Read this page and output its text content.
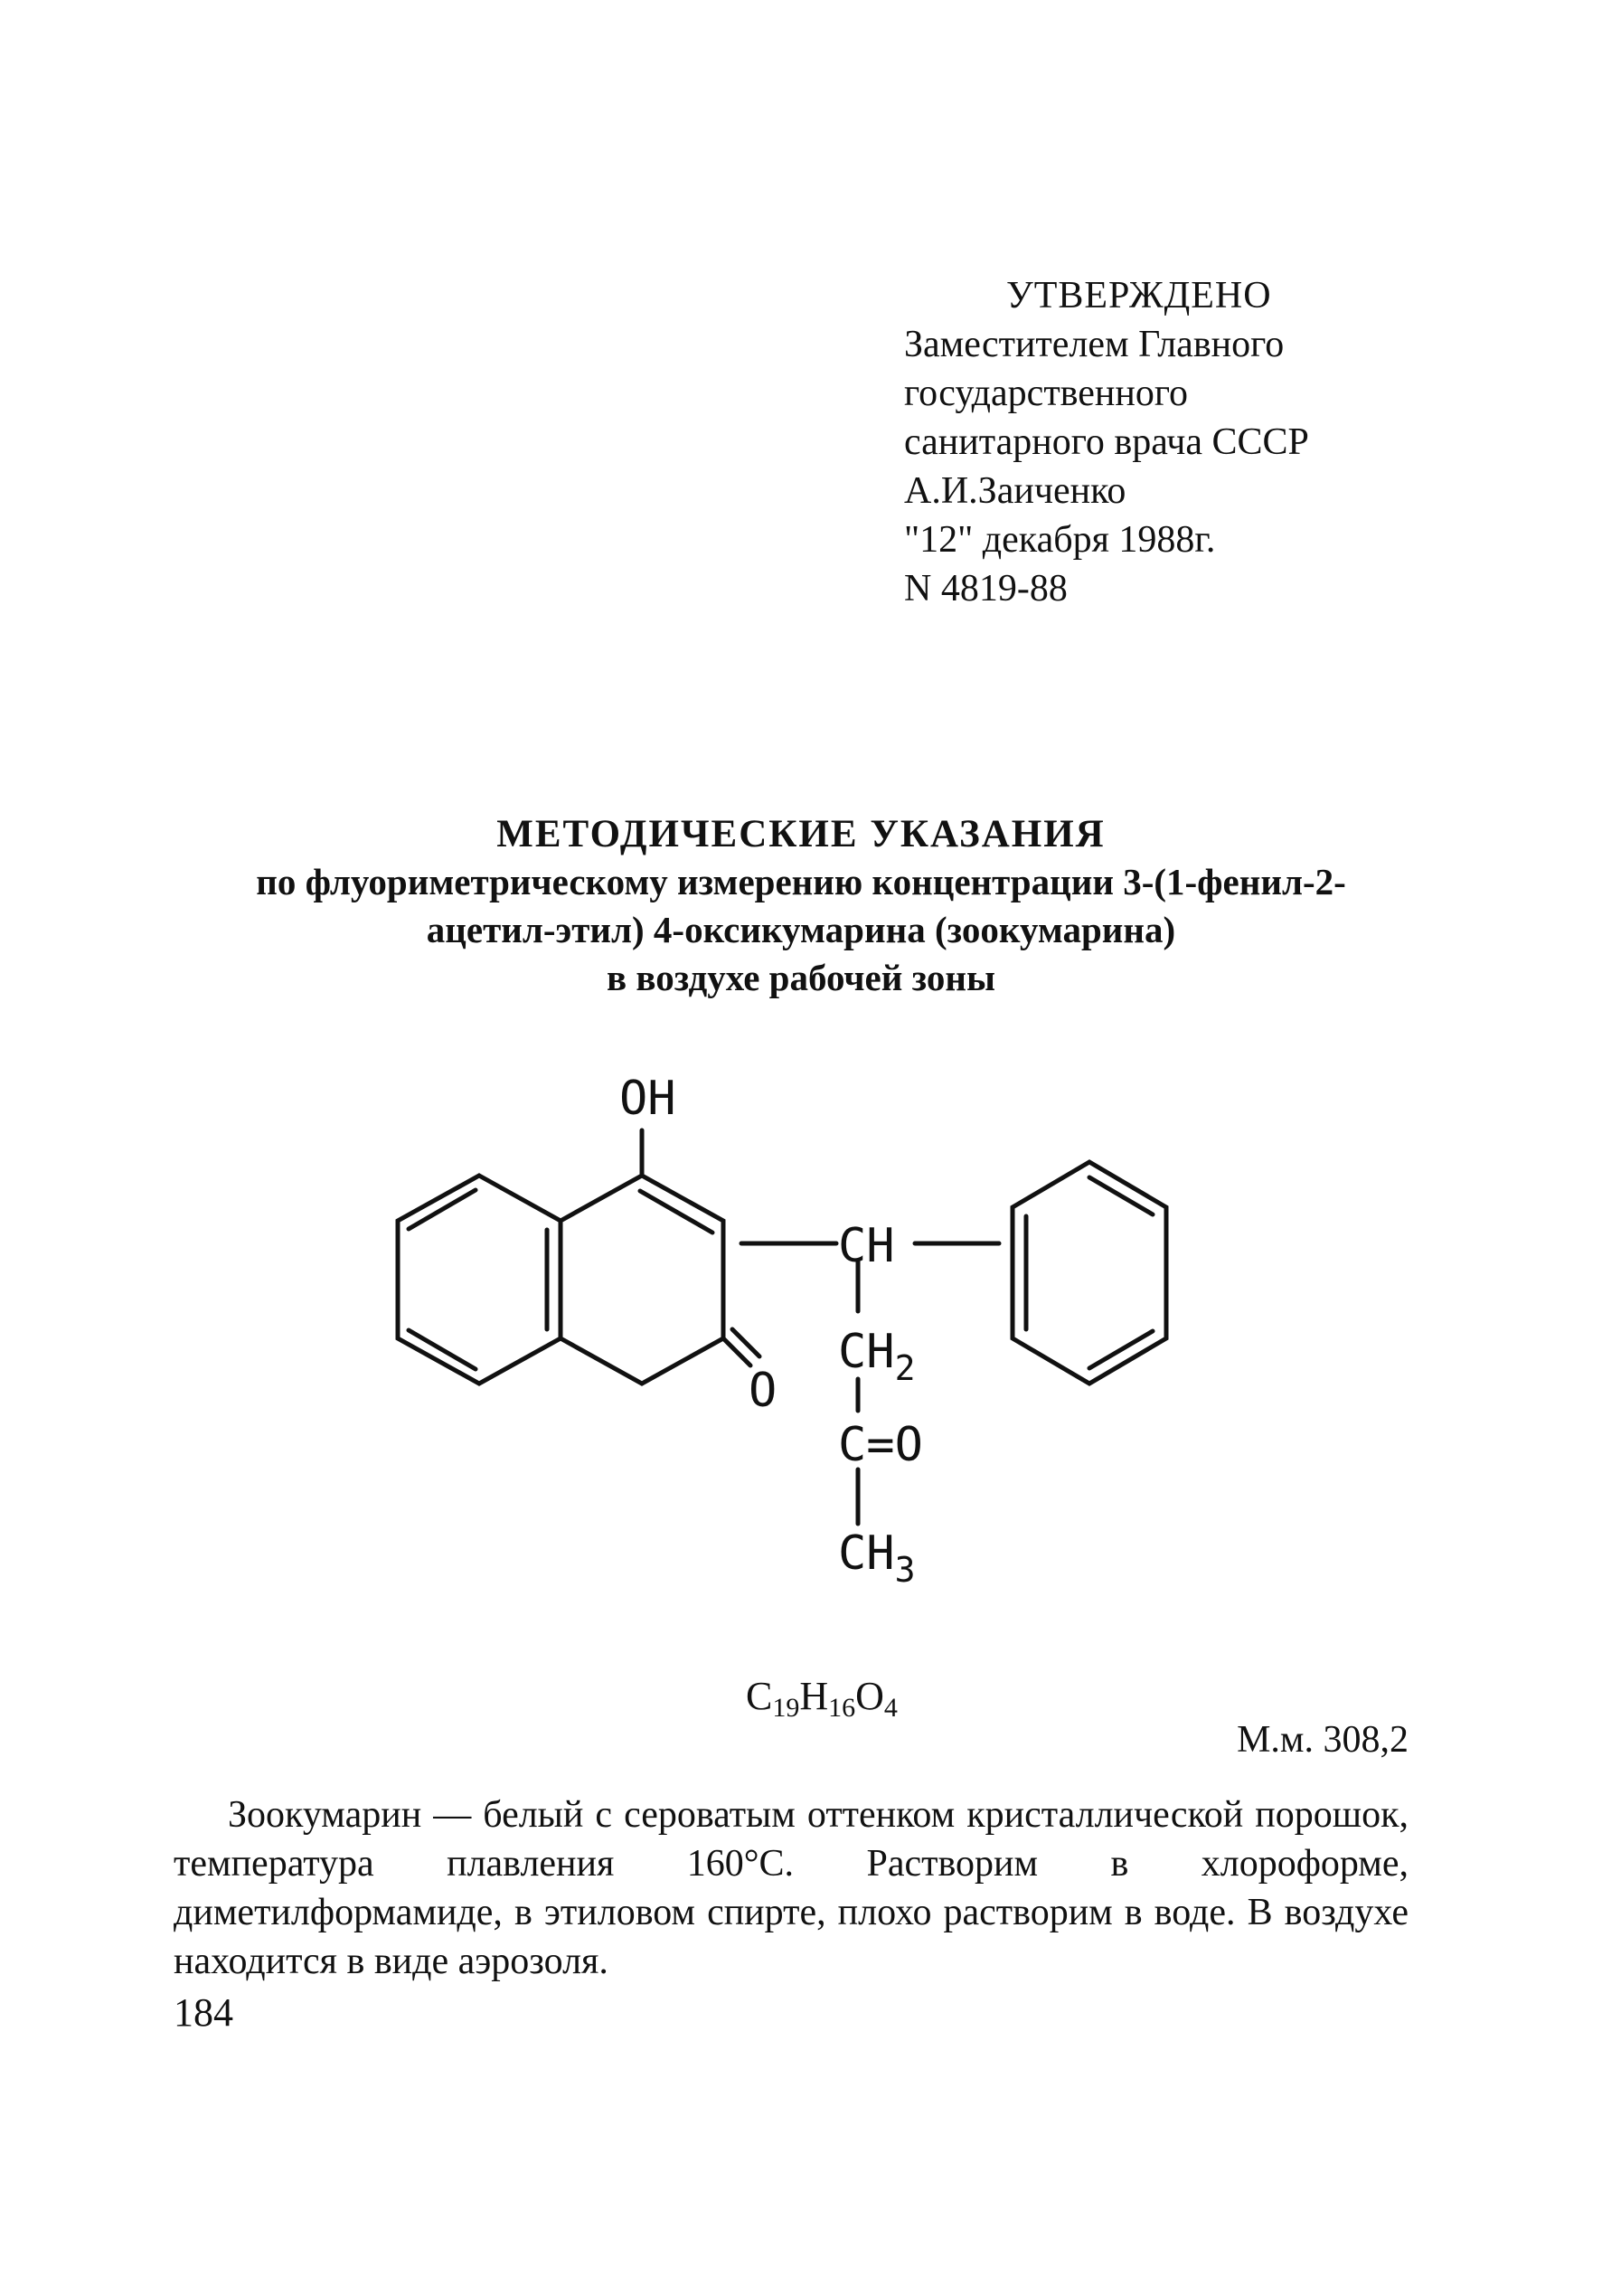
УТВЕРЖДЕНО
Заместителем Главного
государственного
санитарного врача СССР
А.И.Заиченко
"12" декабря 1988г.
N 4819-88
МЕТОДИЧЕСКИЕ УКАЗАНИЯ
по флуориметрическому измерению концентрации 3-(1-фенил-2-
ацетил-этил) 4-оксикумарина (зоокумарина)
в воздухе рабочей зоны
OH
O
CH
$CH_2$
C=O
$CH_3$
$C_{19}H_{16}O_4$
М.м. 308,2
Зоокумарин — белый с сероватым оттенком кристаллической порошок, температура плавления 160°С. Растворим в хлороформе, диметилформамиде, в этиловом спирте, плохо растворим в воде. В воздухе находится в виде аэрозоля.
184
